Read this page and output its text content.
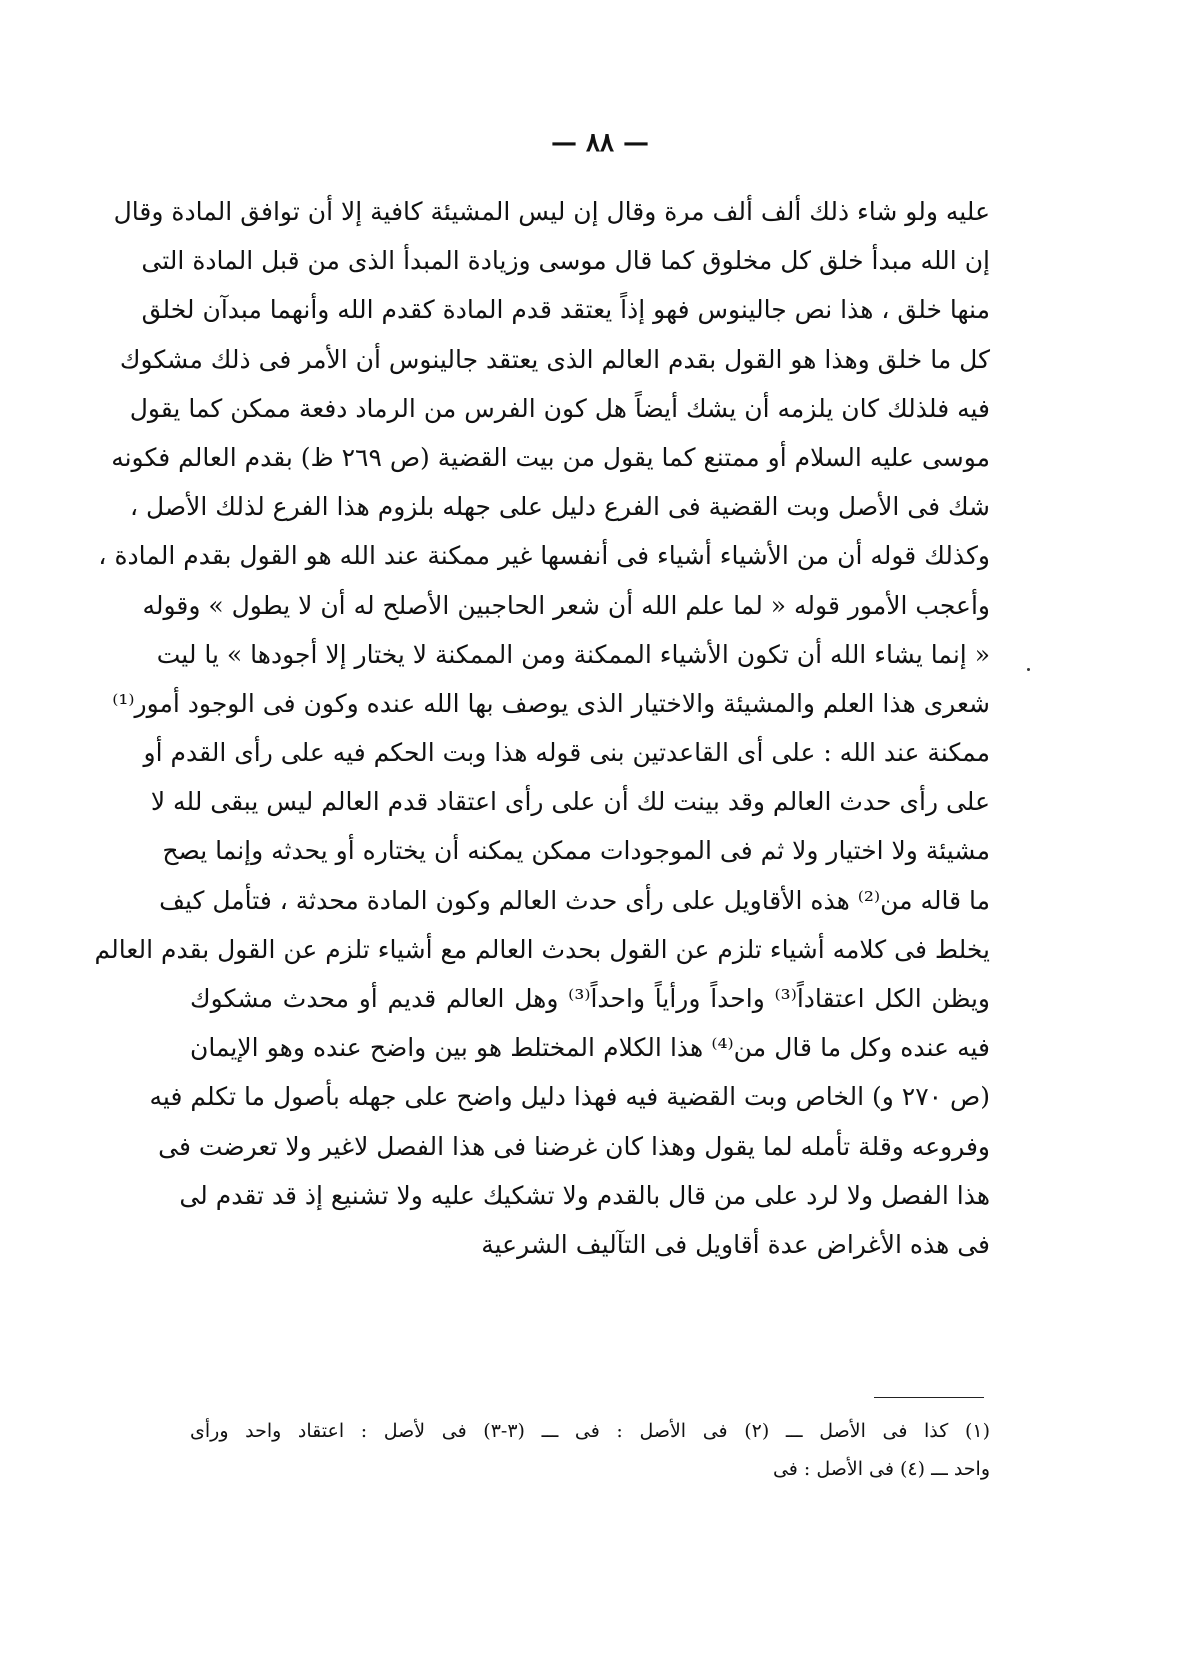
— ٨٨ —
عليه ولو شاء ذلك ألف ألف مرة وقال إن ليس المشيئة كافية إلا أن توافق المادة وقال
إن الله مبدأ خلق كل مخلوق كما قال موسى وزيادة المبدأ الذى من قبل المادة التى
منها خلق ، هذا نص جالينوس فهو إذاً يعتقد قدم المادة كقدم الله وأنهما مبدآن لخلق
كل ما خلق وهذا هو القول بقدم العالم الذى يعتقد جالينوس أن الأمر فى ذلك مشكوك
فيه فلذلك كان يلزمه أن يشك أيضاً هل كون الفرس من الرماد دفعة ممكن كما يقول
موسى عليه السلام أو ممتنع كما يقول من بيت القضية (ص ٢٦٩ ظ) بقدم العالم فكونه
شك فى الأصل وبت القضية فى الفرع دليل على جهله بلزوم هذا الفرع لذلك الأصل ،
وكذلك قوله أن من الأشياء أشياء فى أنفسها غير ممكنة عند الله هو القول بقدم المادة ،
وأعجب الأمور قوله « لما علم الله أن شعر الحاجبين الأصلح له أن لا يطول » وقوله
« إنما يشاء الله أن تكون الأشياء الممكنة ومن الممكنة لا يختار إلا أجودها » يا ليت
شعرى هذا العلم والمشيئة والاختيار الذى يوصف بها الله عنده وكون فى الوجود أمور⁽¹⁾
ممكنة عند الله : على أى القاعدتين بنى قوله هذا وبت الحكم فيه على رأى القدم أو
على رأى حدث العالم وقد بينت لك أن على رأى اعتقاد قدم العالم ليس يبقى لله لا
مشيئة ولا اختيار ولا ثم فى الموجودات ممكن يمكنه أن يختاره أو يحدثه وإنما يصح
ما قاله من⁽²⁾ هذه الأقاويل على رأى حدث العالم وكون المادة محدثة ، فتأمل كيف
يخلط فى كلامه أشياء تلزم عن القول بحدث العالم مع أشياء تلزم عن القول بقدم العالم
ويظن الكل اعتقاداً⁽³⁾ واحداً ورأياً واحداً⁽³⁾ وهل العالم قديم أو محدث مشكوك
فيه عنده وكل ما قال من⁽⁴⁾ هذا الكلام المختلط هو بين واضح عنده وهو الإيمان
(ص ٢٧٠ و) الخاص وبت القضية فيه فهذا دليل واضح على جهله بأصول ما تكلم فيه
وفروعه وقلة تأمله لما يقول وهذا كان غرضنا فى هذا الفصل لاغير ولا تعرضت فى
هذا الفصل ولا لرد على من قال بالقدم ولا تشكيك عليه ولا تشنيع إذ قد تقدم لى
فى هذه الأغراض عدة أقاويل فى التآليف الشرعية
(١) كذا فى الأصل ـــ (٢) فى الأصل : فى ـــ (٣-٣) فى لأصل : اعتقاد واحد ورأى
واحد ـــ (٤) فى الأصل : فى
